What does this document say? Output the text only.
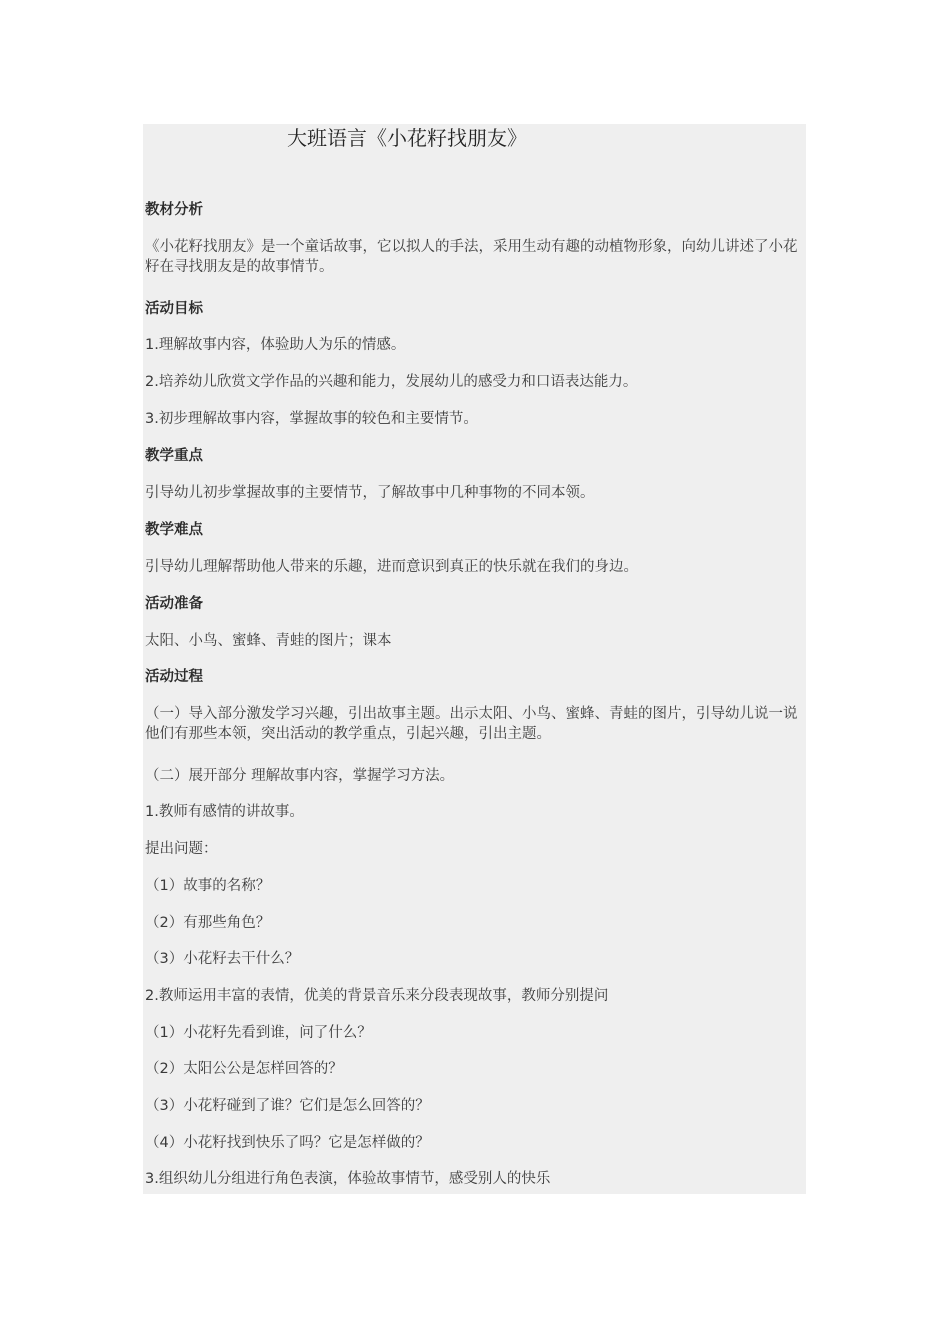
大班语言《小花籽找朋友》

教材分析

《小花籽找朋友》是一个童话故事，它以拟人的手法，采用生动有趣的动植物形象，向幼儿讲述了小花籽在寻找朋友是的故事情节。

活动目标

1.理解故事内容，体验助人为乐的情感。

2.培养幼儿欣赏文学作品的兴趣和能力，发展幼儿的感受力和口语表达能力。

3.初步理解故事内容，掌握故事的较色和主要情节。

教学重点

引导幼儿初步掌握故事的主要情节，了解故事中几种事物的不同本领。

教学难点

引导幼儿理解帮助他人带来的乐趣，进而意识到真正的快乐就在我们的身边。

活动准备

太阳、小鸟、蜜蜂、青蛙的图片；课本

活动过程

（一）导入部分激发学习兴趣，引出故事主题。出示太阳、小鸟、蜜蜂、青蛙的图片，引导幼儿说一说他们有那些本领，突出活动的教学重点，引起兴趣，引出主题。

（二）展开部分 理解故事内容，掌握学习方法。

1.教师有感情的讲故事。

提出问题：

（1）故事的名称？

（2）有那些角色？

（3）小花籽去干什么？

2.教师运用丰富的表情，优美的背景音乐来分段表现故事，教师分别提问

（1）小花籽先看到谁，问了什么？

（2）太阳公公是怎样回答的？

（3）小花籽碰到了谁？它们是怎么回答的？

（4）小花籽找到快乐了吗？它是怎样做的？

3.组织幼儿分组进行角色表演，体验故事情节，感受别人的快乐
